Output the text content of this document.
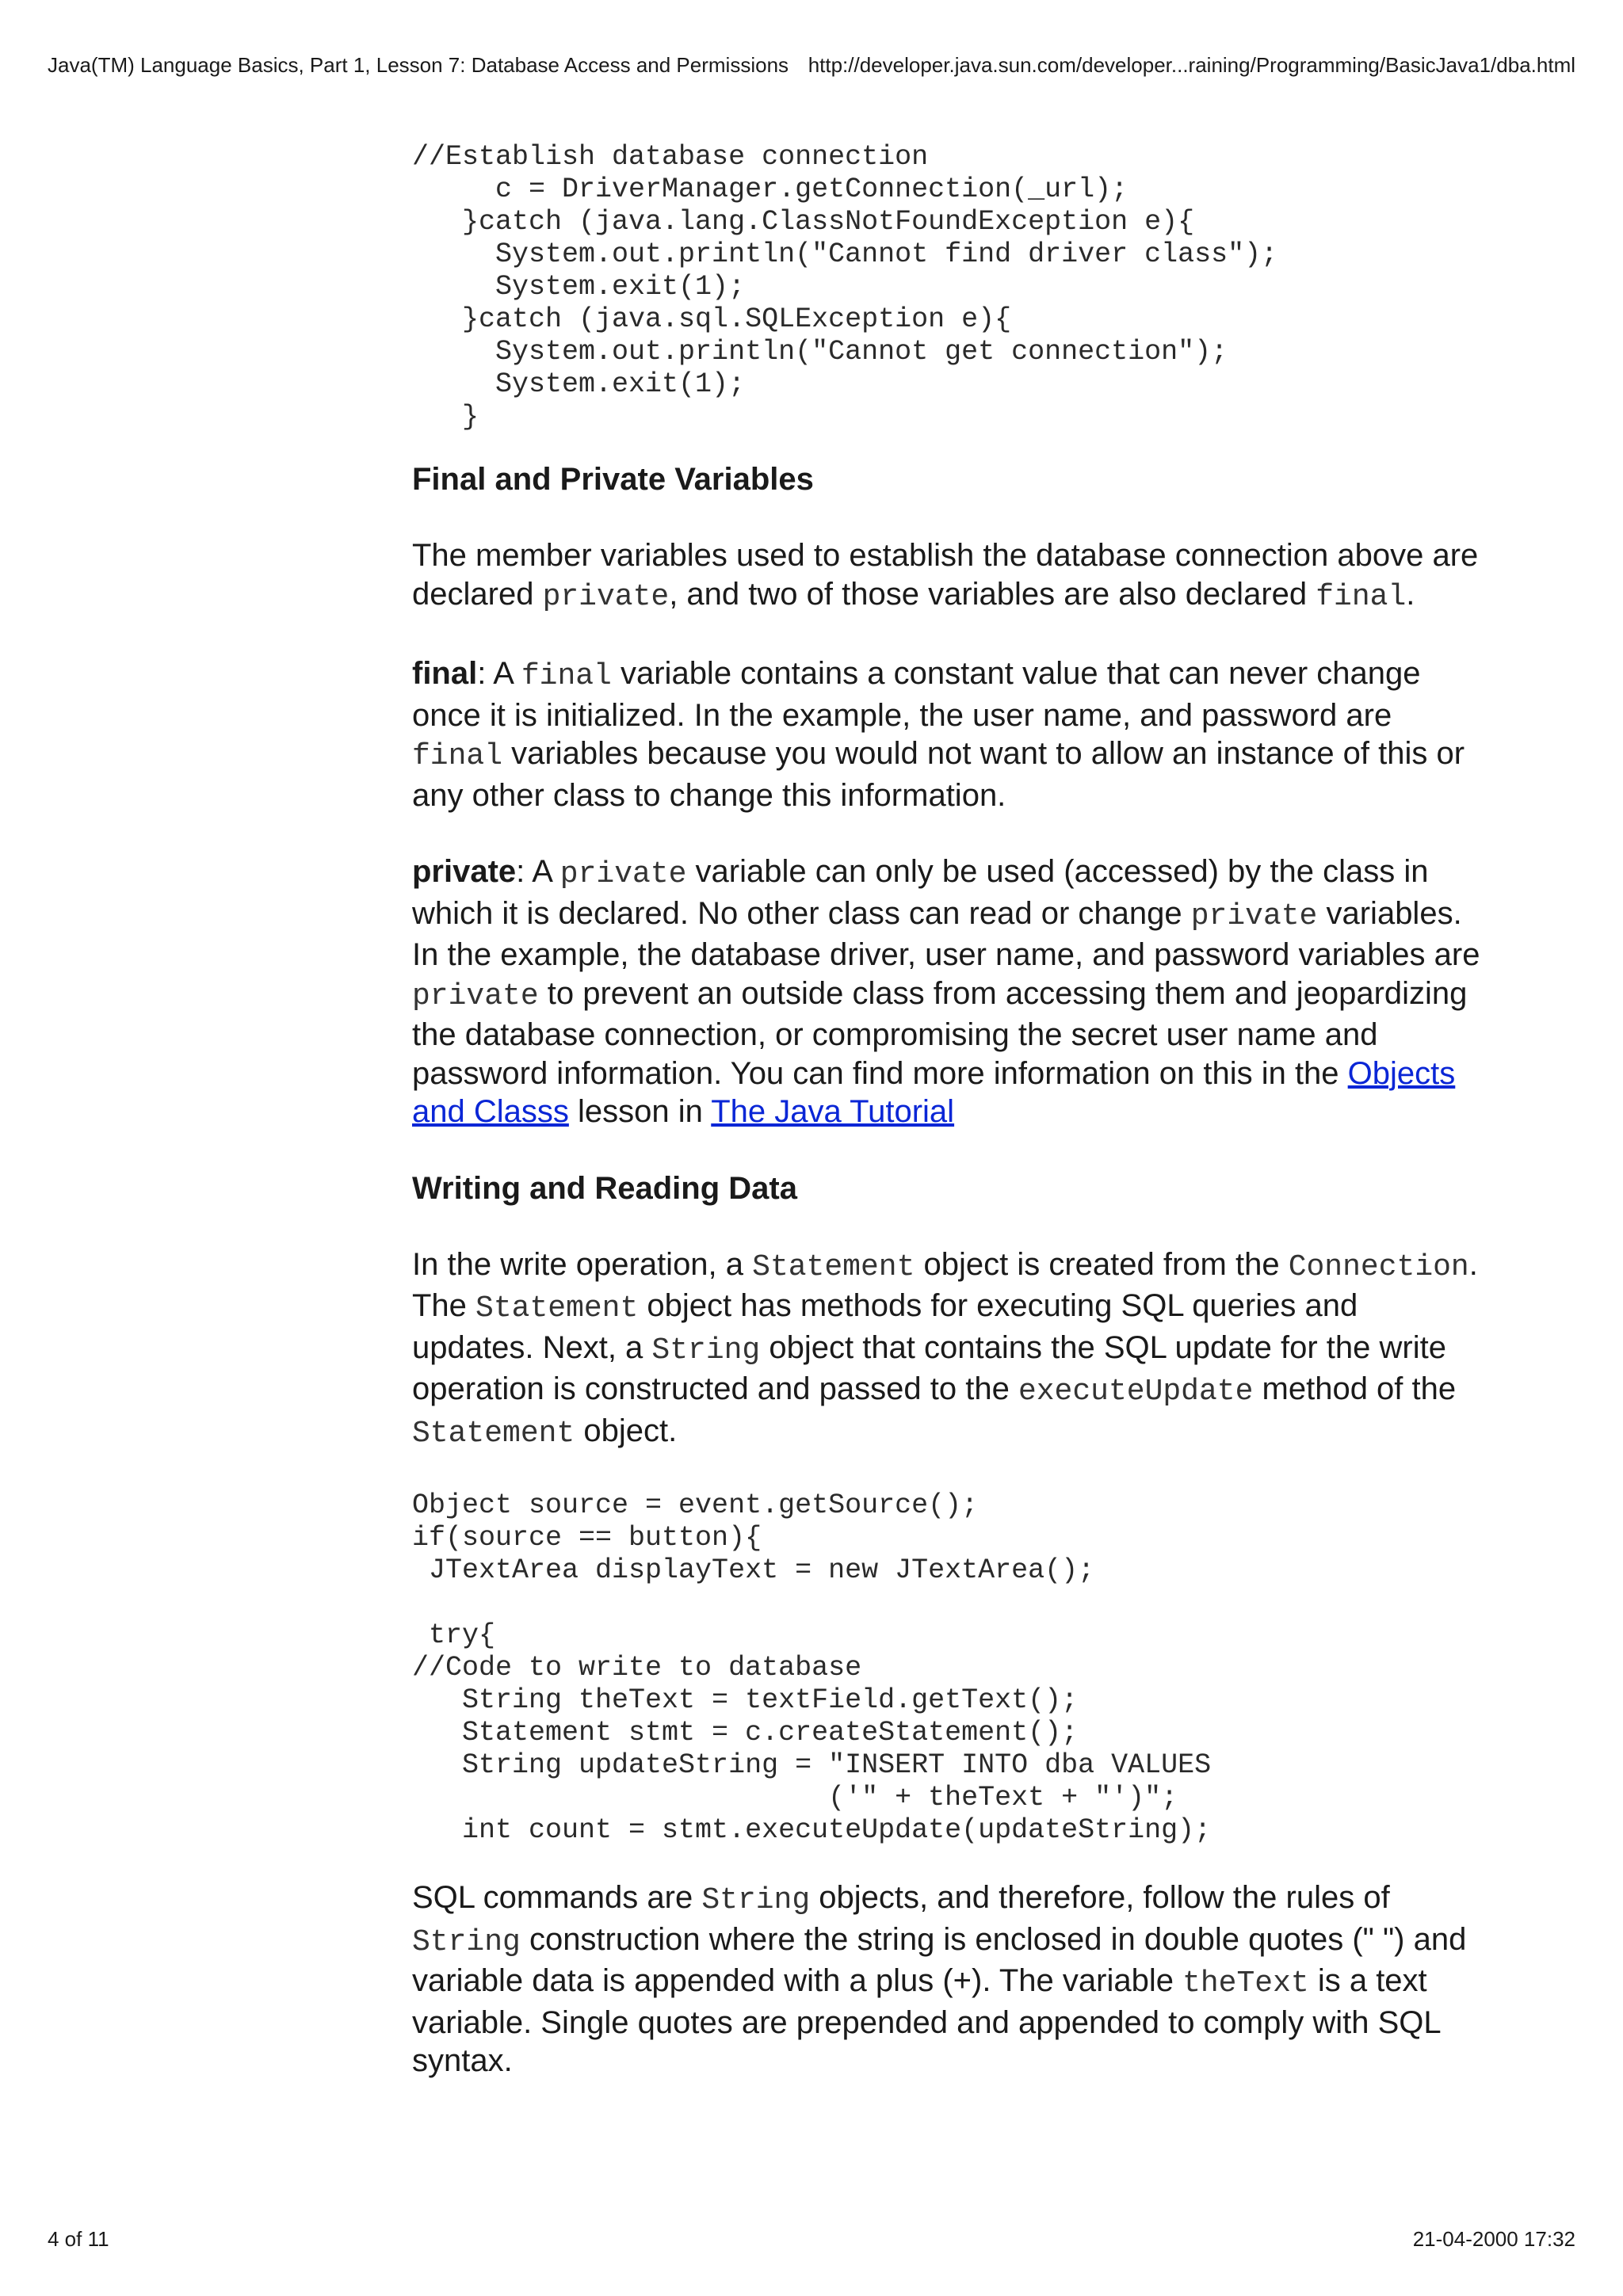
Java(TM) Language Basics, Part 1, Lesson 7: Database Access and Permissions http://developer.java.sun.com/developer...raining/Programming/BasicJava1/dba.html
//Establish database connection
c = DriverManager.getConnection(_url);
}catch (java.lang.ClassNotFoundException e){
System.out.println("Cannot find driver class");
System.exit(1);
}catch (java.sql.SQLException e){
System.out.println("Cannot get connection");
System.exit(1);
}
Final and Private Variables

The member variables used to establish the database connection above are declared private, and two of those variables are also declared final.

final: A final variable contains a constant value that can never change once it is initialized. In the example, the user name, and password are final variables because you would not want to allow an instance of this or any other class to change this information.

private: A private variable can only be used (accessed) by the class in which it is declared. No other class can read or change private variables. In the example, the database driver, user name, and password variables are private to prevent an outside class from accessing them and jeopardizing the database connection, or compromising the secret user name and password information. You can find more information on this in the Objects and Classs lesson in The Java Tutorial

Writing and Reading Data

In the write operation, a Statement object is created from the Connection. The Statement object has methods for executing SQL queries and updates. Next, a String object that contains the SQL update for the write operation is constructed and passed to the executeUpdate method of the Statement object.

Object source = event.getSource();
if(source == button){
JTextArea displayText = new JTextArea();

try{
//Code to write to database
String theText = textField.getText();
Statement stmt = c.createStatement();
String updateString = "INSERT INTO dba VALUES
('" + theText + "')";
int count = stmt.executeUpdate(updateString);

SQL commands are String objects, and therefore, follow the rules of String construction where the string is enclosed in double quotes (" ") and variable data is appended with a plus (+). The variable theText is a text variable. Single quotes are prepended and appended to comply with SQL syntax.

4 of 11	21-04-2000 17:32
